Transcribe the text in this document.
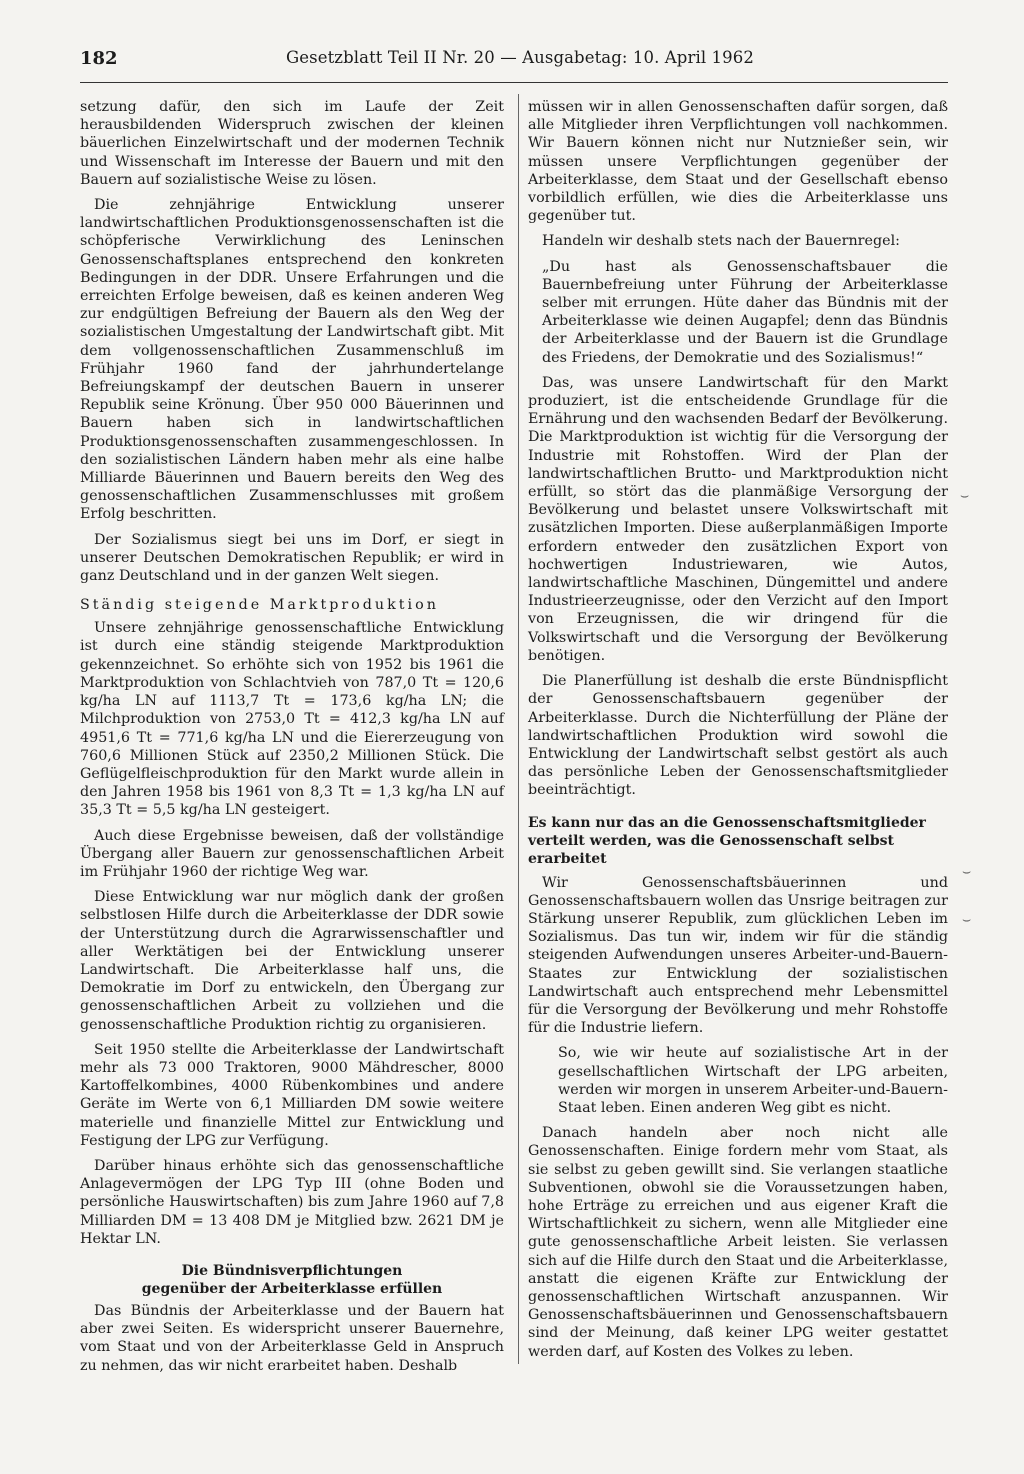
182	Gesetzblatt Teil II Nr. 20 — Ausgabetag: 10. April 1962

setzung dafür, den sich im Laufe der Zeit herausbildenden Widerspruch zwischen der kleinen bäuerlichen Einzelwirtschaft und der modernen Technik und Wissenschaft im Interesse der Bauern und mit den Bauern auf sozialistische Weise zu lösen.

Die zehnjährige Entwicklung unserer landwirtschaftlichen Produktionsgenossenschaften ist die schöpferische Verwirklichung des Leninschen Genossenschaftsplanes entsprechend den konkreten Bedingungen in der DDR. Unsere Erfahrungen und die erreichten Erfolge beweisen, daß es keinen anderen Weg zur endgültigen Befreiung der Bauern als den Weg der sozialistischen Umgestaltung der Landwirtschaft gibt. Mit dem vollgenossenschaftlichen Zusammenschluß im Frühjahr 1960 fand der jahrhundertelange Befreiungskampf der deutschen Bauern in unserer Republik seine Krönung. Über 950 000 Bäuerinnen und Bauern haben sich in landwirtschaftlichen Produktionsgenossenschaften zusammengeschlossen. In den sozialistischen Ländern haben mehr als eine halbe Milliarde Bäuerinnen und Bauern bereits den Weg des genossenschaftlichen Zusammenschlusses mit großem Erfolg beschritten.

Der Sozialismus siegt bei uns im Dorf, er siegt in unserer Deutschen Demokratischen Republik; er wird in ganz Deutschland und in der ganzen Welt siegen.

Ständig steigende Marktproduktion

Unsere zehnjährige genossenschaftliche Entwicklung ist durch eine ständig steigende Marktproduktion gekennzeichnet. So erhöhte sich von 1952 bis 1961 die Marktproduktion von Schlachtvieh von 787,0 Tt = 120,6 kg/ha LN auf 1113,7 Tt = 173,6 kg/ha LN; die Milchproduktion von 2753,0 Tt = 412,3 kg/ha LN auf 4951,6 Tt = 771,6 kg/ha LN und die Eiererzeugung von 760,6 Millionen Stück auf 2350,2 Millionen Stück. Die Geflügelfleischproduktion für den Markt wurde allein in den Jahren 1958 bis 1961 von 8,3 Tt = 1,3 kg/ha LN auf 35,3 Tt = 5,5 kg/ha LN gesteigert.

Auch diese Ergebnisse beweisen, daß der vollständige Übergang aller Bauern zur genossenschaftlichen Arbeit im Frühjahr 1960 der richtige Weg war.

Diese Entwicklung war nur möglich dank der großen selbstlosen Hilfe durch die Arbeiterklasse der DDR sowie der Unterstützung durch die Agrarwissenschaftler und aller Werktätigen bei der Entwicklung unserer Landwirtschaft. Die Arbeiterklasse half uns, die Demokratie im Dorf zu entwickeln, den Übergang zur genossenschaftlichen Arbeit zu vollziehen und die genossenschaftliche Produktion richtig zu organisieren.

Seit 1950 stellte die Arbeiterklasse der Landwirtschaft mehr als 73 000 Traktoren, 9000 Mähdrescher, 8000 Kartoffelkombines, 4000 Rübenkombines und andere Geräte im Werte von 6,1 Milliarden DM sowie weitere materielle und finanzielle Mittel zur Entwicklung und Festigung der LPG zur Verfügung.

Darüber hinaus erhöhte sich das genossenschaftliche Anlagevermögen der LPG Typ III (ohne Boden und persönliche Hauswirtschaften) bis zum Jahre 1960 auf 7,8 Milliarden DM = 13 408 DM je Mitglied bzw. 2621 DM je Hektar LN.

Die Bündnisverpflichtungen
gegenüber der Arbeiterklasse erfüllen

Das Bündnis der Arbeiterklasse und der Bauern hat aber zwei Seiten. Es widerspricht unserer Bauernehre, vom Staat und von der Arbeiterklasse Geld in Anspruch zu nehmen, das wir nicht erarbeitet haben. Deshalb

müssen wir in allen Genossenschaften dafür sorgen, daß alle Mitglieder ihren Verpflichtungen voll nachkommen. Wir Bauern können nicht nur Nutznießer sein, wir müssen unsere Verpflichtungen gegenüber der Arbeiterklasse, dem Staat und der Gesellschaft ebenso vorbildlich erfüllen, wie dies die Arbeiterklasse uns gegenüber tut.

Handeln wir deshalb stets nach der Bauernregel:

„Du hast als Genossenschaftsbauer die Bauernbefreiung unter Führung der Arbeiterklasse selber mit errungen. Hüte daher das Bündnis mit der Arbeiterklasse wie deinen Augapfel; denn das Bündnis der Arbeiterklasse und der Bauern ist die Grundlage des Friedens, der Demokratie und des Sozialismus!“

Das, was unsere Landwirtschaft für den Markt produziert, ist die entscheidende Grundlage für die Ernährung und den wachsenden Bedarf der Bevölkerung. Die Marktproduktion ist wichtig für die Versorgung der Industrie mit Rohstoffen. Wird der Plan der landwirtschaftlichen Brutto- und Marktproduktion nicht erfüllt, so stört das die planmäßige Versorgung der Bevölkerung und belastet unsere Volkswirtschaft mit zusätzlichen Importen. Diese außerplanmäßigen Importe erfordern entweder den zusätzlichen Export von hochwertigen Industriewaren, wie Autos, landwirtschaftliche Maschinen, Düngemittel und andere Industrieerzeugnisse, oder den Verzicht auf den Import von Erzeugnissen, die wir dringend für die Volkswirtschaft und die Versorgung der Bevölkerung benötigen.

Die Planerfüllung ist deshalb die erste Bündnispflicht der Genossenschaftsbauern gegenüber der Arbeiterklasse. Durch die Nichterfüllung der Pläne der landwirtschaftlichen Produktion wird sowohl die Entwicklung der Landwirtschaft selbst gestört als auch das persönliche Leben der Genossenschaftsmitglieder beeinträchtigt.

Es kann nur das an die Genossenschaftsmitglieder verteilt werden, was die Genossenschaft selbst erarbeitet

Wir Genossenschaftsbäuerinnen und Genossenschaftsbauern wollen das Unsrige beitragen zur Stärkung unserer Republik, zum glücklichen Leben im Sozialismus. Das tun wir, indem wir für die ständig steigenden Aufwendungen unseres Arbeiter-und-Bauern-Staates zur Entwicklung der sozialistischen Landwirtschaft auch entsprechend mehr Lebensmittel für die Versorgung der Bevölkerung und mehr Rohstoffe für die Industrie liefern.

So, wie wir heute auf sozialistische Art in der gesellschaftlichen Wirtschaft der LPG arbeiten, werden wir morgen in unserem Arbeiter-und-Bauern-Staat leben. Einen anderen Weg gibt es nicht.

Danach handeln aber noch nicht alle Genossenschaften. Einige fordern mehr vom Staat, als sie selbst zu geben gewillt sind. Sie verlangen staatliche Subventionen, obwohl sie die Voraussetzungen haben, hohe Erträge zu erreichen und aus eigener Kraft die Wirtschaftlichkeit zu sichern, wenn alle Mitglieder eine gute genossenschaftliche Arbeit leisten. Sie verlassen sich auf die Hilfe durch den Staat und die Arbeiterklasse, anstatt die eigenen Kräfte zur Entwicklung der genossenschaftlichen Wirtschaft anzuspannen. Wir Genossenschaftsbäuerinnen und Genossenschaftsbauern sind der Meinung, daß keiner LPG weiter gestattet werden darf, auf Kosten des Volkes zu leben.

⌣
⌣
⌣
